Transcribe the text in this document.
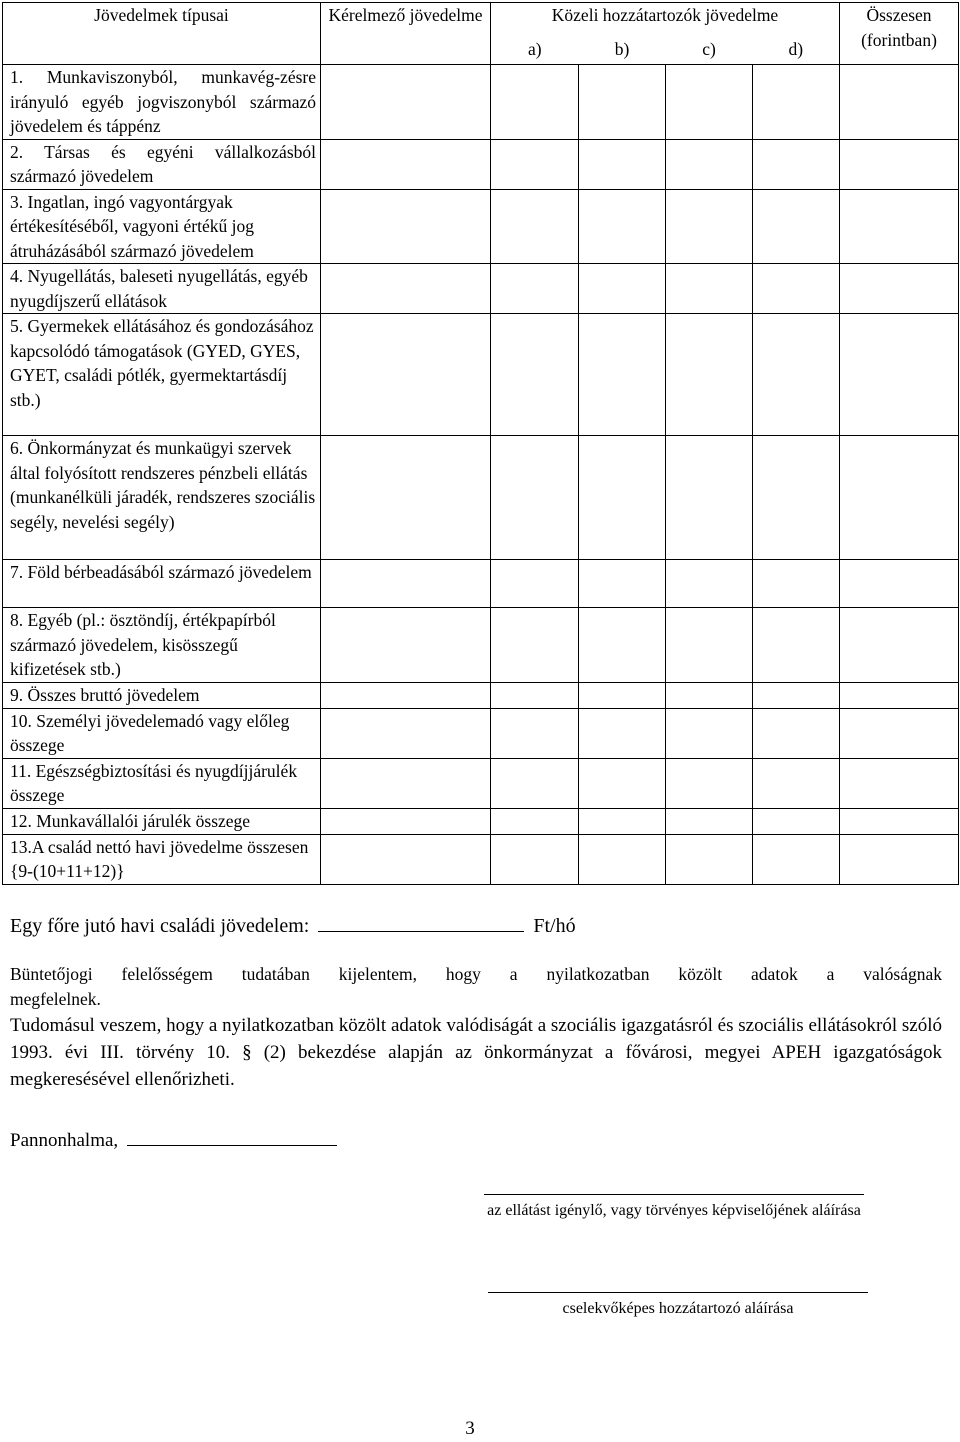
Jövedelmek típusai	Kérelmező jövedelme	Közeli hozzátartozók jövedelme				Összesen (forintban)
		a)	b)	c)	d)	
1. Munkaviszonyból, munkavég-zésre irányuló egyéb jogviszonyból származó jövedelem és táppénz						
2. Társas és egyéni vállalkozásból származó jövedelem						
3. Ingatlan, ingó vagyontárgyak értékesítéséből, vagyoni értékű jog átruházásából származó jövedelem						
4. Nyugellátás, baleseti nyugellátás, egyéb nyugdíjszerű ellátások						
5. Gyermekek ellátásához és gondozásához kapcsolódó támogatások (GYED, GYES, GYET, családi pótlék, gyermektartásdíj stb.)						
6. Önkormányzat és munkaügyi szervek által folyósított rendszeres pénzbeli ellátás (munkanélküli járadék, rendszeres szociális segély, nevelési segély)						
7. Föld bérbeadásából származó jövedelem						
8. Egyéb (pl.: ösztöndíj, értékpapírból származó jövedelem, kisösszegű kifizetések stb.)						
9. Összes bruttó jövedelem						
10. Személyi jövedelemadó vagy előleg összege						
11. Egészségbiztosítási és nyugdíjjárulék összege						
12. Munkavállalói járulék összege						
13.A család nettó havi jövedelme összesen {9-(10+11+12)}						
Egy főre jutó havi családi jövedelem:	Ft/hó
Büntetőjogi felelősségem tudatában kijelentem, hogy a nyilatkozatban közölt adatok a valóságnak
megfelelnek.
Tudomásul veszem, hogy a nyilatkozatban közölt adatok valódiságát a szociális igazgatásról és szociális ellátásokról szóló 1993. évi III. törvény 10. § (2) bekezdése alapján az önkormányzat a fővárosi, megyei APEH igazgatóságok megkeresésével ellenőrizheti.
Pannonhalma,
az ellátást igénylő, vagy törvényes képviselőjének aláírása
cselekvőképes hozzátartozó aláírása
3
